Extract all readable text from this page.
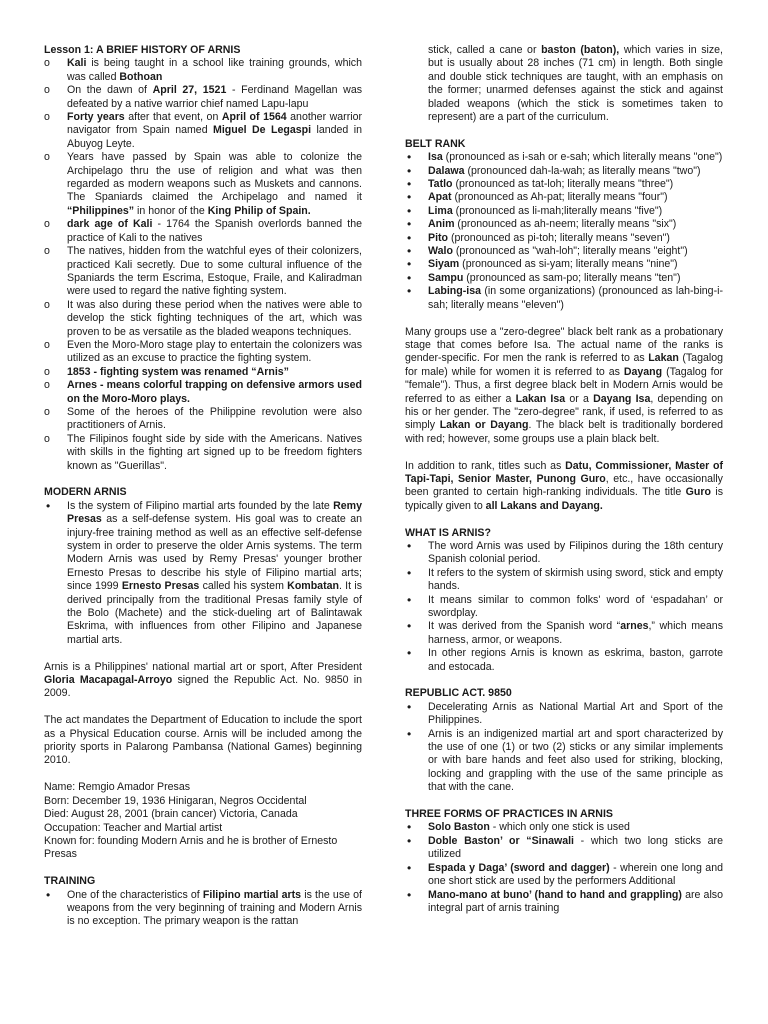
Lesson 1: A BRIEF HISTORY OF ARNIS
o Kali is being taught in a school like training grounds, which was called Bothoan
o On the dawn of April 27, 1521 - Ferdinand Magellan was defeated by a native warrior chief named Lapu-lapu
o Forty years after that event, on April of 1564 another warrior navigator from Spain named Miguel De Legaspi landed in Abuyog Leyte.
o Years have passed by Spain was able to colonize the Archipelago thru the use of religion and what was then regarded as modern weapons such as Muskets and cannons. The Spaniards claimed the Archipelago and named it “Philippines” in honor of the King Philip of Spain.
o dark age of Kali - 1764 the Spanish overlords banned the practice of Kali to the natives
o The natives, hidden from the watchful eyes of their colonizers, practiced Kali secretly. Due to some cultural influence of the Spaniards the term Escrima, Estoque, Fraile, and Kaliradman were used to regard the native fighting system.
o It was also during these period when the natives were able to develop the stick fighting techniques of the art, which was proven to be as versatile as the bladed weapons techniques.
o Even the Moro-Moro stage play to entertain the colonizers was utilized as an excuse to practice the fighting system.
o 1853 - fighting system was renamed “Arnis”
o Arnes - means colorful trapping on defensive armors used on the Moro-Moro plays.
o Some of the heroes of the Philippine revolution were also practitioners of Arnis.
o The Filipinos fought side by side with the Americans. Natives with skills in the fighting art signed up to be freedom fighters known as "Guerillas".
MODERN ARNIS
• Is the system of Filipino martial arts founded by the late Remy Presas as a self-defense system. His goal was to create an injury-free training method as well as an effective self-defense system in order to preserve the older Arnis systems. The term Modern Arnis was used by Remy Presas' younger brother Ernesto Presas to describe his style of Filipino martial arts; since 1999 Ernesto Presas called his system Kombatan. It is derived principally from the traditional Presas family style of the Bolo (Machete) and the stick-dueling art of Balintawak Eskrima, with influences from other Filipino and Japanese martial arts.

Arnis is a Philippines' national martial art or sport, After President Gloria Macapagal-Arroyo signed the Republic Act. No. 9850 in 2009.

The act mandates the Department of Education to include the sport as a Physical Education course. Arnis will be included among the priority sports in Palarong Pambansa (National Games) beginning 2010.

Name: Remgio Amador Presas
Born: December 19, 1936 Hinigaran, Negros Occidental
Died: August 28, 2001 (brain cancer) Victoria, Canada
Occupation: Teacher and Martial artist
Known for: founding Modern Arnis and he is brother of Ernesto Presas
TRAINING
• One of the characteristics of Filipino martial arts is the use of weapons from the very beginning of training and Modern Arnis is no exception. The primary weapon is the rattan
stick, called a cane or baston (baton), which varies in size, but is usually about 28 inches (71 cm) in length. Both single and double stick techniques are taught, with an emphasis on the former; unarmed defenses against the stick and against bladed weapons (which the stick is sometimes taken to represent) are a part of the curriculum.
BELT RANK
• Isa (pronounced as i-sah or e-sah; which literally means "one")
• Dalawa (pronounced dah-la-wah; as literally means "two")
• Tatlo (pronounced as tat-loh; literally means "three")
• Apat (pronounced as Ah-pat; literally means "four")
• Lima (pronounced as li-mah;literally means "five")
• Anim (pronounced as ah-neem; literally means "six")
• Pito (pronounced as pi-toh; literally means "seven")
• Walo (pronounced as "wah-loh"; literally means "eight")
• Siyam (pronounced as si-yam; literally means "nine")
• Sampu (pronounced as sam-po; literally means "ten")
• Labing-isa (in some organizations) (pronounced as lah-bing-i- sah; literally means "eleven")

Many groups use a "zero-degree" black belt rank as a probationary stage that comes before Isa. The actual name of the ranks is gender-specific. For men the rank is referred to as Lakan (Tagalog for male) while for women it is referred to as Dayang (Tagalog for "female"). Thus, a first degree black belt in Modern Arnis would be referred to as either a Lakan Isa or a Dayang Isa, depending on his or her gender. The "zero-degree" rank, if used, is referred to as simply Lakan or Dayang. The black belt is traditionally bordered with red; however, some groups use a plain black belt.

In addition to rank, titles such as Datu, Commissioner, Master of Tapi-Tapi, Senior Master, Punong Guro, etc., have occasionally been granted to certain high-ranking individuals. The title Guro is typically given to all Lakans and Dayang.

WHAT IS ARNIS?
• The word Arnis was used by Filipinos during the 18th century Spanish colonial period.
• It refers to the system of skirmish using sword, stick and empty hands.
• It means similar to common folks' word of ‘espadahan’ or swordplay.
• It was derived from the Spanish word “arnes,” which means harness, armor, or weapons.
• In other regions Arnis is known as eskrima, baston, garrote and estocada.
REPUBLIC ACT. 9850
• Decelerating Arnis as National Martial Art and Sport of the Philippines.
• Arnis is an indigenized martial art and sport characterized by the use of one (1) or two (2) sticks or any similar implements or with bare hands and feet also used for striking, blocking, locking and grappling with the use of the same principle as that with the cane.
THREE FORMS OF PRACTICES IN ARNIS
• Solo Baston - which only one stick is used
• Doble Baston’ or “Sinawali - which two long sticks are utilized
• Espada y Daga’ (sword and dagger) - wherein one long and one short stick are used by the performers Additional
• Mano-mano at buno’ (hand to hand and grappling) are also integral part of arnis training
